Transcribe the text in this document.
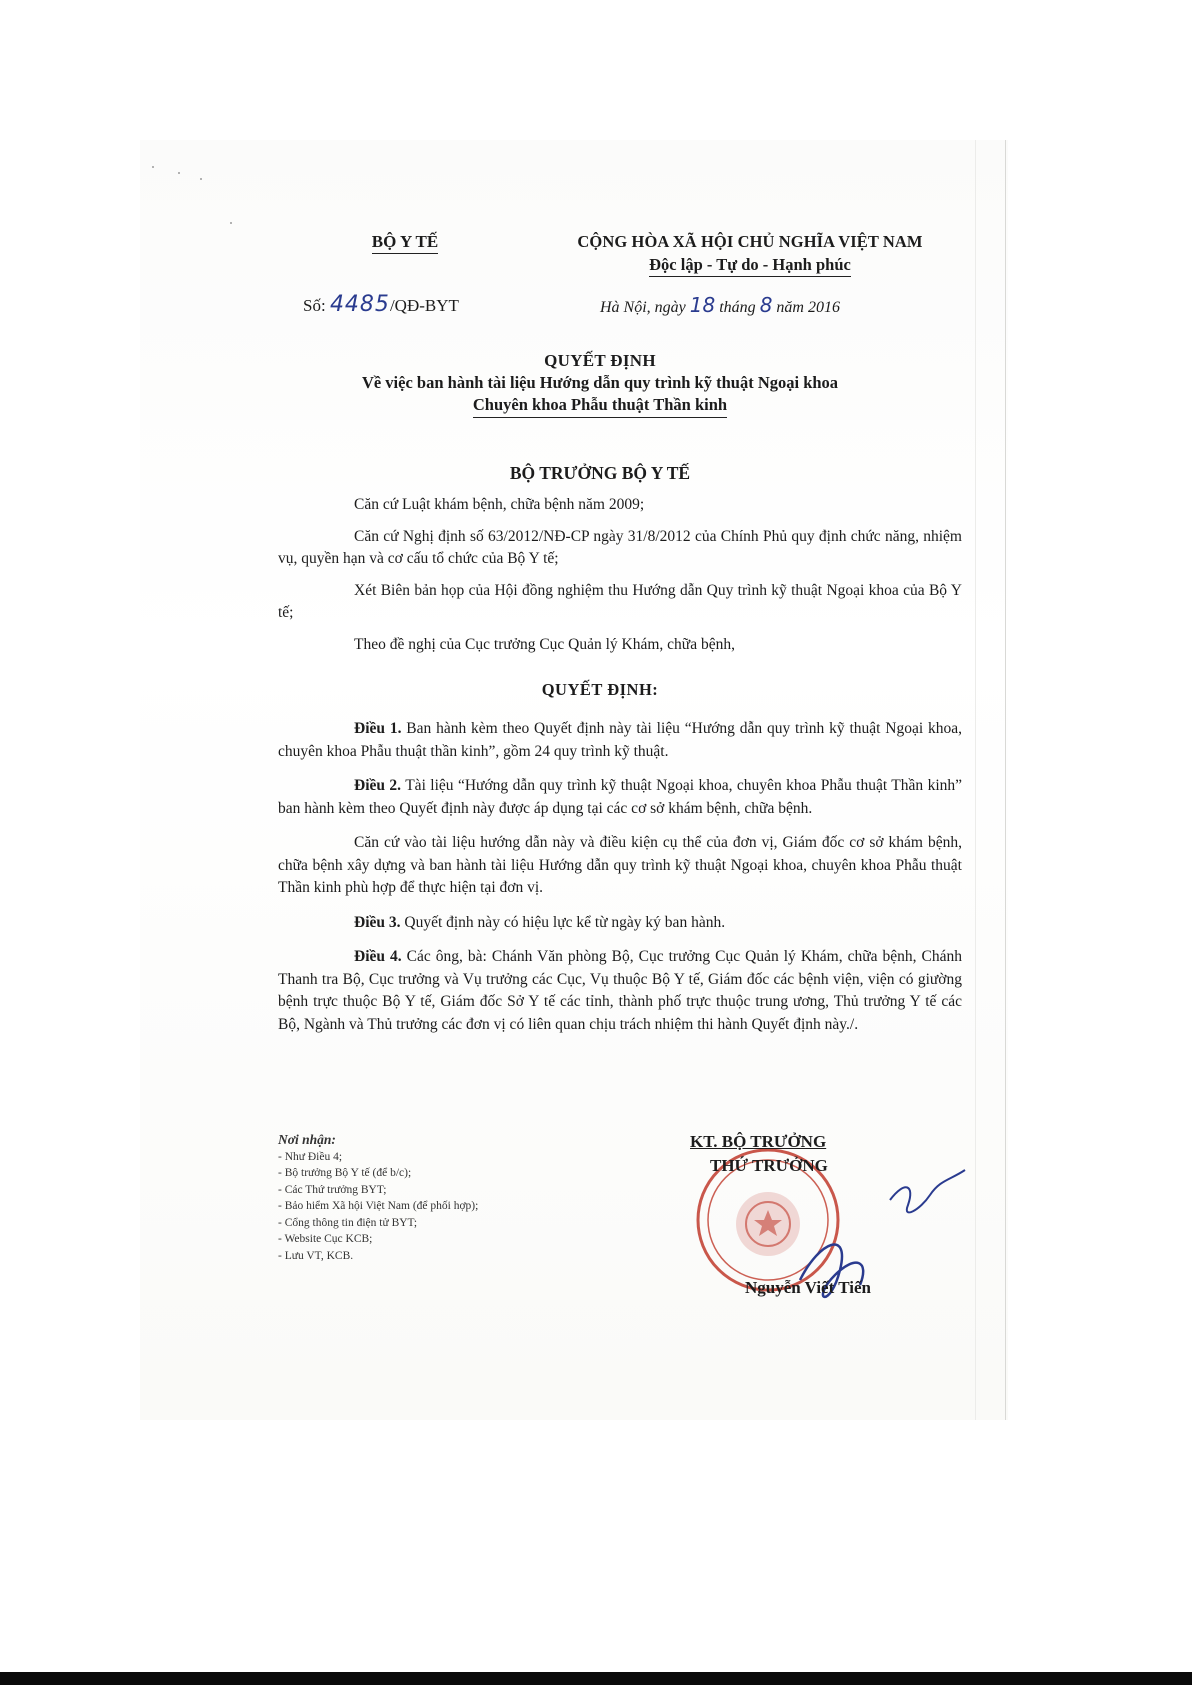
BỘ Y TẾ	CỘNG HÒA XÃ HỘI CHỦ NGHĨA VIỆT NAM
Độc lập - Tự do - Hạnh phúc
Số: 4485/QĐ-BYT	Hà Nội, ngày 18 tháng 8 năm 2016
QUYẾT ĐỊNH
Về việc ban hành tài liệu Hướng dẫn quy trình kỹ thuật Ngoại khoa
Chuyên khoa Phẫu thuật Thần kinh
BỘ TRƯỞNG BỘ Y TẾ
Căn cứ Luật khám bệnh, chữa bệnh năm 2009;
Căn cứ Nghị định số 63/2012/NĐ-CP ngày 31/8/2012 của Chính Phủ quy định chức năng, nhiệm vụ, quyền hạn và cơ cấu tổ chức của Bộ Y tế;
Xét Biên bản họp của Hội đồng nghiệm thu Hướng dẫn Quy trình kỹ thuật Ngoại khoa của Bộ Y tế;
Theo đề nghị của Cục trưởng Cục Quản lý Khám, chữa bệnh,
QUYẾT ĐỊNH:
Điều 1. Ban hành kèm theo Quyết định này tài liệu “Hướng dẫn quy trình kỹ thuật Ngoại khoa, chuyên khoa Phẫu thuật thần kinh”, gồm 24 quy trình kỹ thuật.
Điều 2. Tài liệu “Hướng dẫn quy trình kỹ thuật Ngoại khoa, chuyên khoa Phẫu thuật Thần kinh” ban hành kèm theo Quyết định này được áp dụng tại các cơ sở khám bệnh, chữa bệnh.
Căn cứ vào tài liệu hướng dẫn này và điều kiện cụ thể của đơn vị, Giám đốc cơ sở khám bệnh, chữa bệnh xây dựng và ban hành tài liệu Hướng dẫn quy trình kỹ thuật Ngoại khoa, chuyên khoa Phẫu thuật Thần kinh phù hợp để thực hiện tại đơn vị.
Điều 3. Quyết định này có hiệu lực kể từ ngày ký ban hành.
Điều 4. Các ông, bà: Chánh Văn phòng Bộ, Cục trưởng Cục Quản lý Khám, chữa bệnh, Chánh Thanh tra Bộ, Cục trưởng và Vụ trưởng các Cục, Vụ thuộc Bộ Y tế, Giám đốc các bệnh viện, viện có giường bệnh trực thuộc Bộ Y tế, Giám đốc Sở Y tế các tỉnh, thành phố trực thuộc trung ương, Thủ trưởng Y tế các Bộ, Ngành và Thủ trưởng các đơn vị có liên quan chịu trách nhiệm thi hành Quyết định này./.
Nơi nhận:
- Như Điều 4;
- Bộ trưởng Bộ Y tế (để b/c);
- Các Thứ trưởng BYT;
- Bảo hiểm Xã hội Việt Nam (để phối hợp);
- Cổng thông tin điện tử BYT;
- Website Cục KCB;
- Lưu VT, KCB.
KT. BỘ TRƯỞNG
THỨ TRƯỞNG
Nguyễn Viết Tiến
